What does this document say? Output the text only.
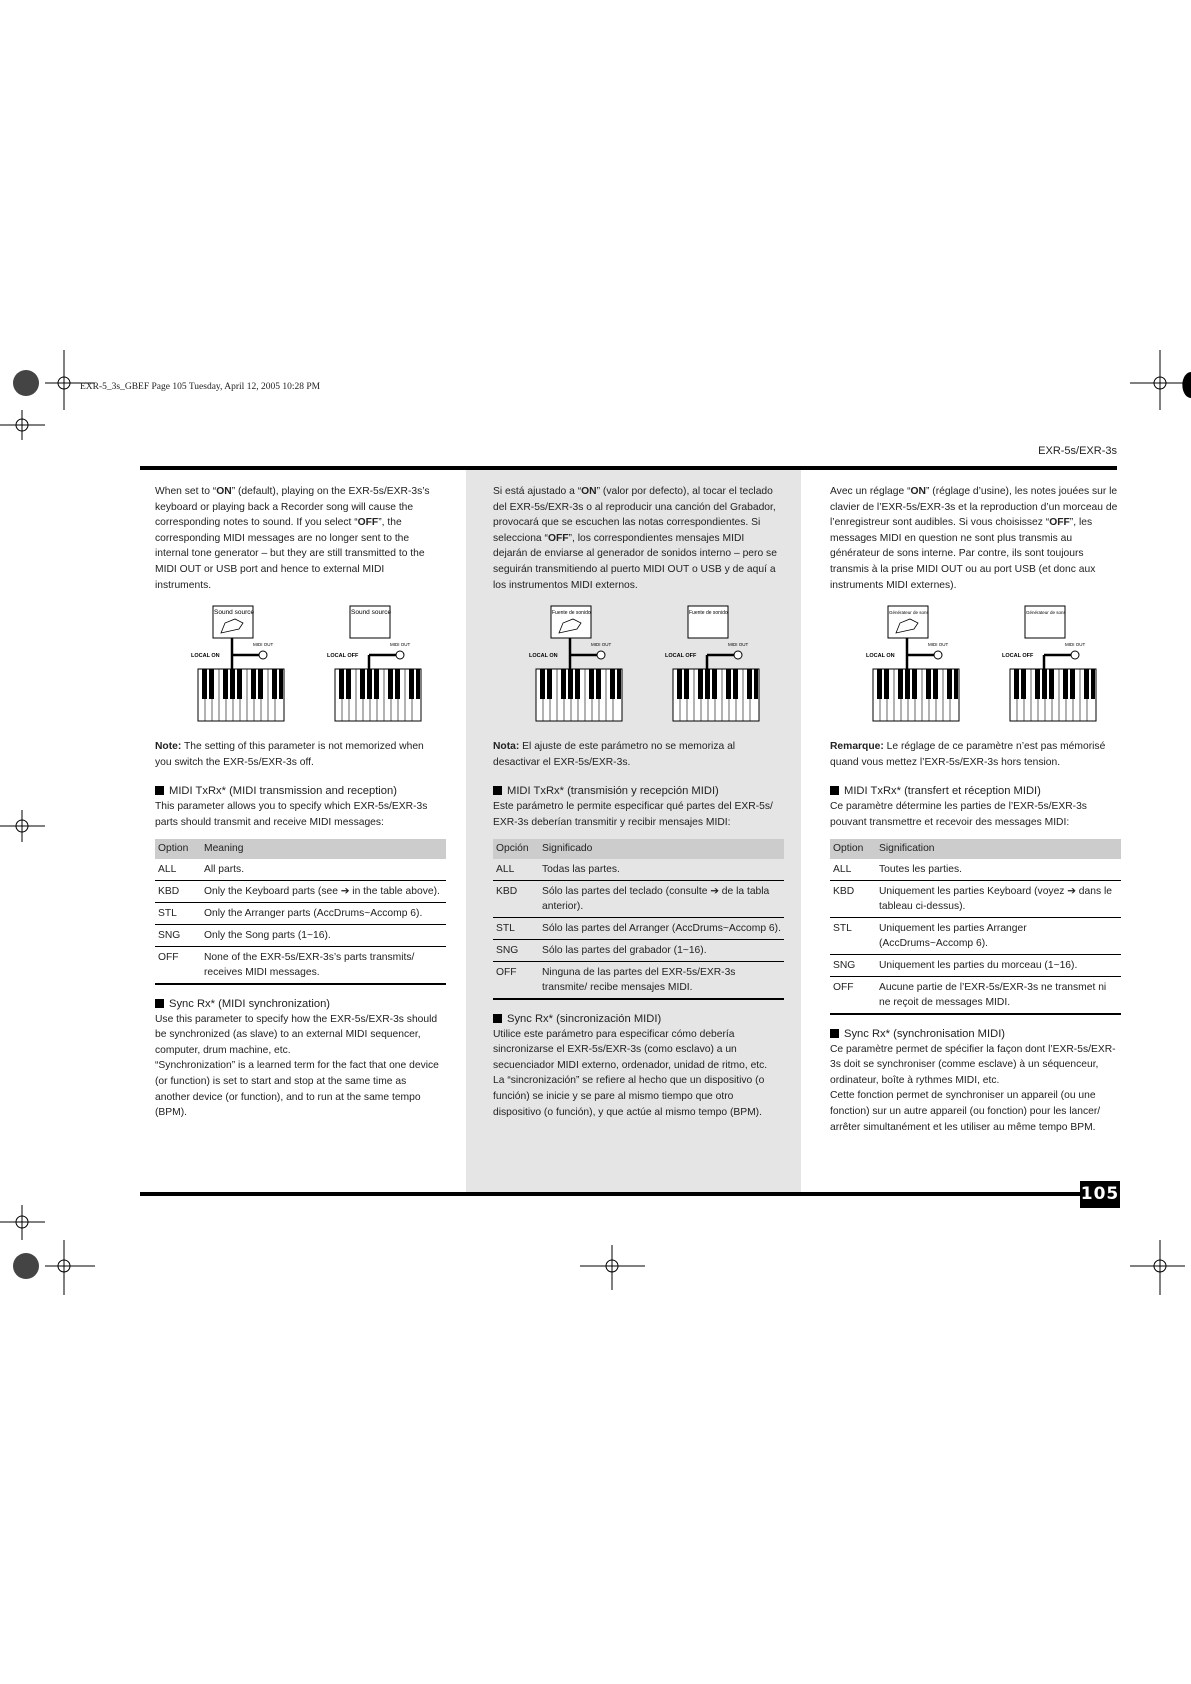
EXR-5_3s_GBEF Page 105 Tuesday, April 12, 2005 10:28 PM
EXR-5s/EXR-3s
105

When set to “ON” (default), playing on the EXR-5s/EXR-3s’s keyboard or playing back a Recorder song will cause the corresponding notes to sound. If you select “OFF”, the corresponding MIDI messages are no longer sent to the internal tone generator – but they are still transmitted to the MIDI OUT or USB port and hence to external MIDI instruments.

Sound source
MIDI OUT
LOCAL ON
Sound source
MIDI OUT
LOCAL OFF

Note: The setting of this parameter is not memorized when you switch the EXR-5s/EXR-3s off.

MIDI TxRx* (MIDI transmission and reception)

This parameter allows you to specify which EXR-5s/EXR-3s parts should transmit and receive MIDI messages:

Option	Meaning
ALL	All parts.
KBD	Only the Keyboard parts (see ➔ in the table above).
STL	Only the Arranger parts (AccDrums~Accomp 6).
SNG	Only the Song parts (1~16).
OFF	None of the EXR-5s/EXR-3s’s parts transmits/ receives MIDI messages.
Sync Rx* (MIDI synchronization)

Use this parameter to specify how the EXR-5s/EXR-3s should be synchronized (as slave) to an external MIDI sequencer, computer, drum machine, etc.

“Synchronization” is a learned term for the fact that one device (or function) is set to start and stop at the same time as another device (or function), and to run at the same tempo (BPM).

Si está ajustado a “ON” (valor por defecto), al tocar el teclado del EXR-5s/EXR-3s o al reproducir una canción del Grabador, provocará que se escuchen las notas correspondientes. Si selecciona “OFF”, los correspondientes mensajes MIDI dejarán de enviarse al generador de sonidos interno – pero se seguirán transmitiendo al puerto MIDI OUT o USB y de aquí a los instrumentos MIDI externos.

Fuente de sonido
MIDI OUT
LOCAL ON
Fuente de sonido
MIDI OUT
LOCAL OFF

Nota: El ajuste de este parámetro no se memoriza al desactivar el EXR-5s/EXR-3s.

MIDI TxRx* (transmisión y recepción MIDI)

Este parámetro le permite especificar qué partes del EXR-5s/ EXR-3s deberían transmitir y recibir mensajes MIDI:

Opción	Significado
ALL	Todas las partes.
KBD	Sólo las partes del teclado (consulte ➔ de la tabla anterior).
STL	Sólo las partes del Arranger (AccDrums~Accomp 6).
SNG	Sólo las partes del grabador (1~16).
OFF	Ninguna de las partes del EXR-5s/EXR-3s transmite/ recibe mensajes MIDI.
Sync Rx* (sincronización MIDI)

Utilice este parámetro para especificar cómo debería sincronizarse el EXR-5s/EXR-3s (como esclavo) a un secuenciador MIDI externo, ordenador, unidad de ritmo, etc.

La “sincronización” se refiere al hecho que un dispositivo (o función) se inicie y se pare al mismo tiempo que otro dispositivo (o función), y que actúe al mismo tempo (BPM).

Avec un réglage “ON” (réglage d’usine), les notes jouées sur le clavier de l’EXR-5s/EXR-3s et la reproduction d’un morceau de l’enregistreur sont audibles. Si vous choisissez “OFF”, les messages MIDI en question ne sont plus transmis au générateur de sons interne. Par contre, ils sont toujours transmis à la prise MIDI OUT ou au port USB (et donc aux instruments MIDI externes).

Générateur de sons
MIDI OUT
LOCAL ON
Générateur de sons
MIDI OUT
LOCAL OFF

Remarque: Le réglage de ce paramètre n’est pas mémorisé quand vous mettez l’EXR-5s/EXR-3s hors tension.

MIDI TxRx* (transfert et réception MIDI)

Ce paramètre détermine les parties de l’EXR-5s/EXR-3s pouvant transmettre et recevoir des messages MIDI:

Option	Signification
ALL	Toutes les parties.
KBD	Uniquement les parties Keyboard (voyez ➔ dans le tableau ci-dessus).
STL	Uniquement les parties Arranger (AccDrums~Accomp 6).
SNG	Uniquement les parties du morceau (1~16).
OFF	Aucune partie de l’EXR-5s/EXR-3s ne transmet ni ne reçoit de messages MIDI.
Sync Rx* (synchronisation MIDI)

Ce paramètre permet de spécifier la façon dont l’EXR-5s/EXR-3s doit se synchroniser (comme esclave) à un séquenceur, ordinateur, boîte à rythmes MIDI, etc.

Cette fonction permet de synchroniser un appareil (ou une fonction) sur un autre appareil (ou fonction) pour les lancer/ arrêter simultanément et les utiliser au même tempo BPM.
